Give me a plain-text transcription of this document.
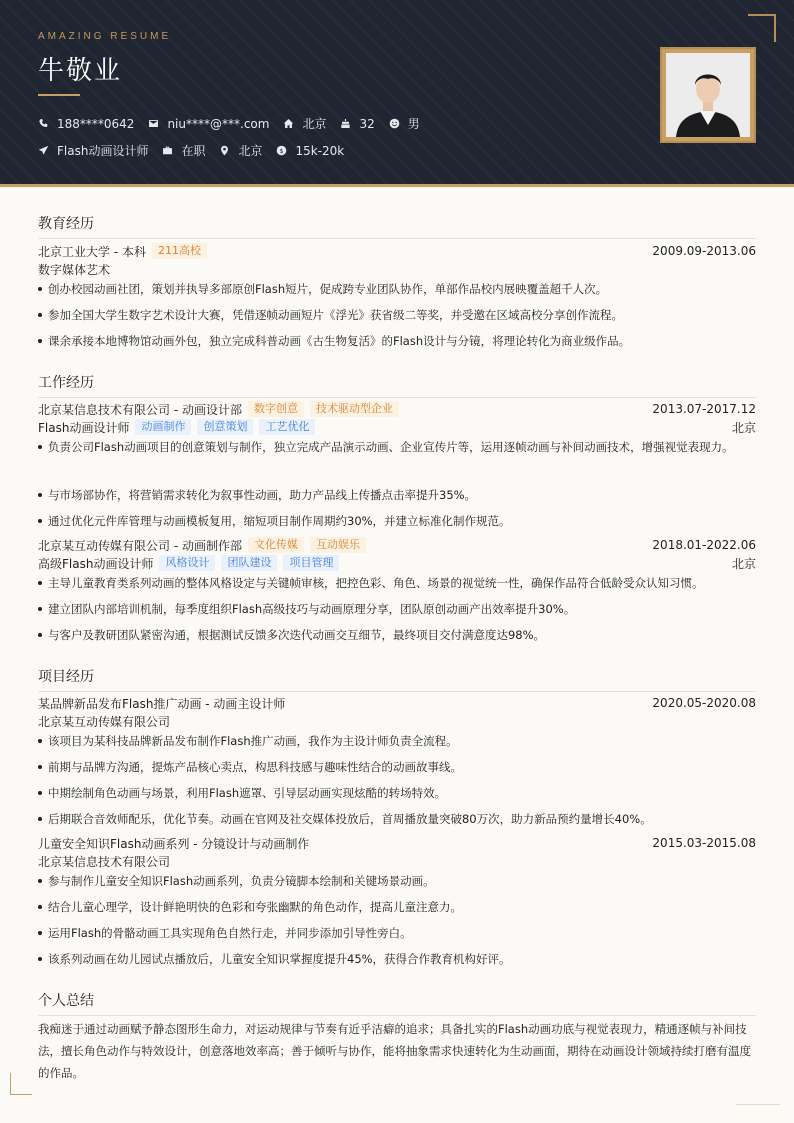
AMAZING RESUME
牛敬业
188****0642	niu****@***.com	北京	32	男
Flash动画设计师	在职	北京 $ 15k-20k
教育经历
北京工业大学 - 本科	211高校	2009.09-2013.06
数字媒体艺术
创办校园动画社团，策划并执导多部原创Flash短片，促成跨专业团队协作，单部作品校内展映覆盖超千人次。
参加全国大学生数字艺术设计大赛，凭借逐帧动画短片《浮光》获省级二等奖，并受邀在区域高校分享创作流程。
课余承接本地博物馆动画外包，独立完成科普动画《古生物复活》的Flash设计与分镜，将理论转化为商业级作品。
工作经历
北京某信息技术有限公司 - 动画设计部	数字创意	技术驱动型企业	2013.07-2017.12
Flash动画设计师	动画制作	创意策划	工艺优化	北京
负责公司Flash动画项目的创意策划与制作，独立完成产品演示动画、企业宣传片等，运用逐帧动画与补间动画技术，增强视觉表现力。
与市场部协作，将营销需求转化为叙事性动画，助力产品线上传播点击率提升35%。
通过优化元件库管理与动画模板复用，缩短项目制作周期约30%，并建立标准化制作规范。
北京某互动传媒有限公司 - 动画制作部	文化传媒	互动娱乐	2018.01-2022.06
高级Flash动画设计师	风格设计	团队建设	项目管理	北京
主导儿童教育类系列动画的整体风格设定与关键帧审核，把控色彩、角色、场景的视觉统一性，确保作品符合低龄受众认知习惯。
建立团队内部培训机制，每季度组织Flash高级技巧与动画原理分享，团队原创动画产出效率提升30%。
与客户及教研团队紧密沟通，根据测试反馈多次迭代动画交互细节，最终项目交付满意度达98%。
项目经历
某品牌新品发布Flash推广动画 - 动画主设计师	2020.05-2020.08
北京某互动传媒有限公司
该项目为某科技品牌新品发布制作Flash推广动画，我作为主设计师负责全流程。
前期与品牌方沟通，提炼产品核心卖点，构思科技感与趣味性结合的动画故事线。
中期绘制角色动画与场景，利用Flash遮罩、引导层动画实现炫酷的转场特效。
后期联合音效师配乐，优化节奏。动画在官网及社交媒体投放后，首周播放量突破80万次，助力新品预约量增长40%。
儿童安全知识Flash动画系列 - 分镜设计与动画制作	2015.03-2015.08
北京某信息技术有限公司
参与制作儿童安全知识Flash动画系列，负责分镜脚本绘制和关键场景动画。
结合儿童心理学，设计鲜艳明快的色彩和夸张幽默的角色动作，提高儿童注意力。
运用Flash的骨骼动画工具实现角色自然行走，并同步添加引导性旁白。
该系列动画在幼儿园试点播放后，儿童安全知识掌握度提升45%，获得合作教育机构好评。
个人总结
我痴迷于通过动画赋予静态图形生命力，对运动规律与节奏有近乎洁癖的追求；具备扎实的Flash动画功底与视觉表现力，精通逐帧与补间技法，擅长角色动作与特效设计，创意落地效率高；善于倾听与协作，能将抽象需求快速转化为生动画面，期待在动画设计领域持续打磨有温度的作品。
